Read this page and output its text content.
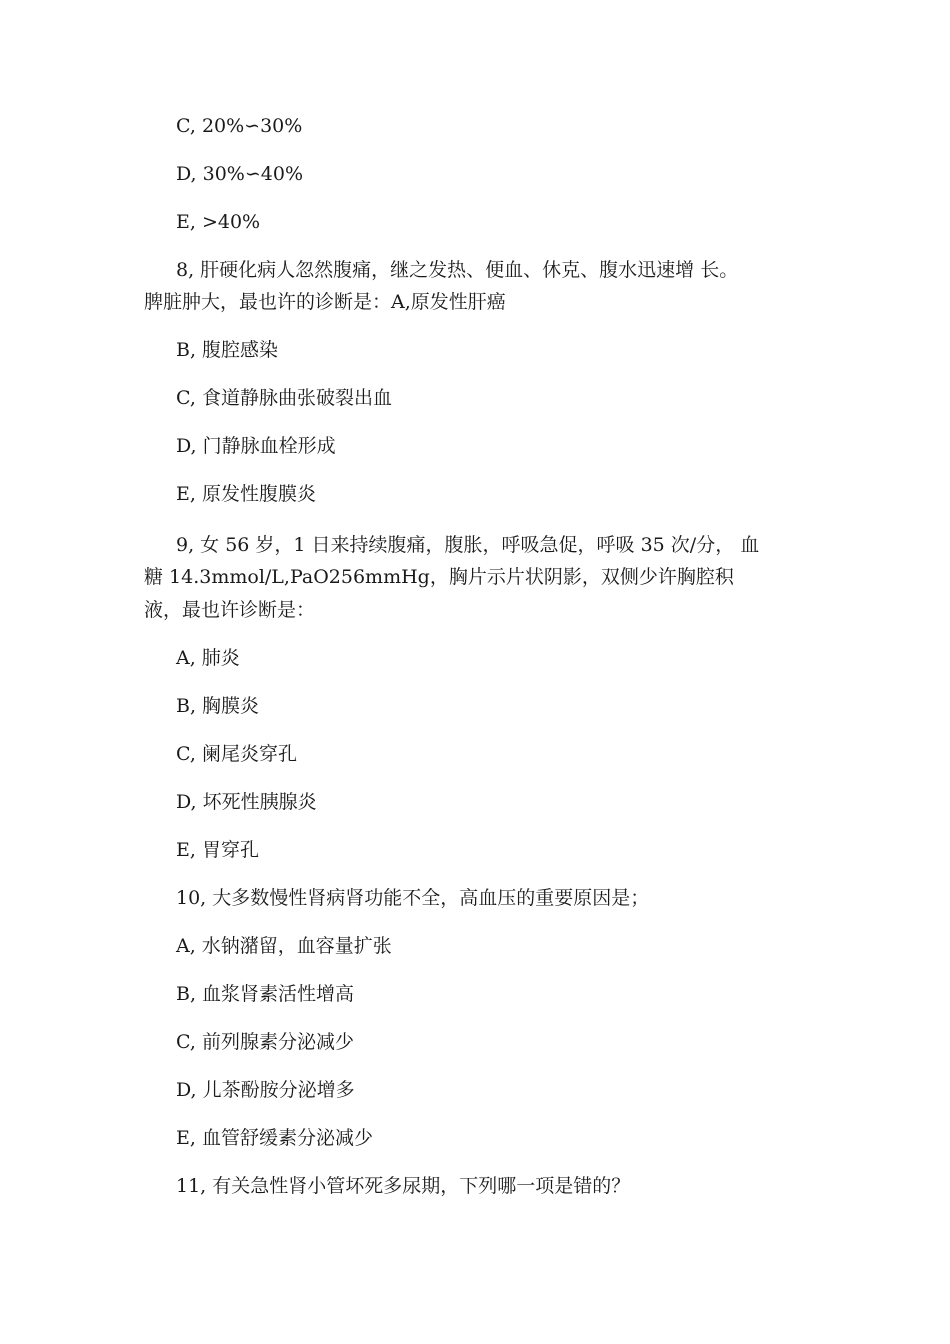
C, 20%∽30%
D, 30%∽40%
E, >40%
8, 肝硬化病人忽然腹痛，继之发热、便血、休克、腹水迅速增 长。
脾脏肿大，最也许的诊断是：A,原发性肝癌
B, 腹腔感染
C, 食道静脉曲张破裂出血
D, 门静脉血栓形成
E, 原发性腹膜炎
9, 女 56 岁，1 日来持续腹痛，腹胀，呼吸急促，呼吸 35 次/分， 血
糖 14.3mmol/L,PaO256mmHg，胸片示片状阴影，双侧少许胸腔积
液，最也许诊断是：
A, 肺炎
B, 胸膜炎
C, 阑尾炎穿孔
D, 坏死性胰腺炎
E, 胃穿孔
10, 大多数慢性肾病肾功能不全，高血压的重要原因是；
A, 水钠潴留，血容量扩张
B, 血浆肾素活性增高
C, 前列腺素分泌减少
D, 儿茶酚胺分泌增多
E, 血管舒缓素分泌减少
11, 有关急性肾小管坏死多尿期，下列哪一项是错的？
